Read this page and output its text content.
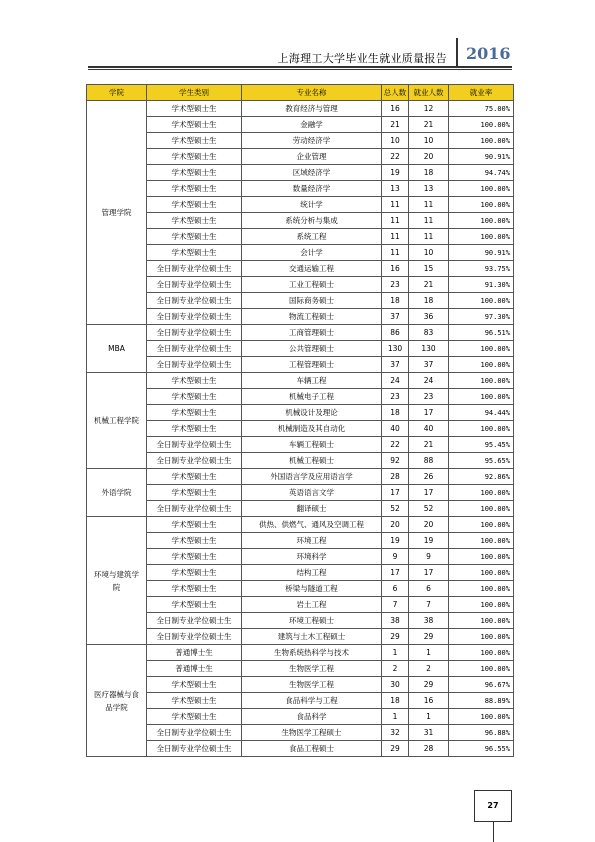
上海理工大学毕业生就业质量报告 2016
学院	学生类别	专业名称	总人数	就业人数	就业率
管理学院	学术型硕士生	教育经济与管理	16	12	75.00%
	学术型硕士生	金融学	21	21	100.00%
	学术型硕士生	劳动经济学	10	10	100.00%
	学术型硕士生	企业管理	22	20	90.91%
	学术型硕士生	区域经济学	19	18	94.74%
	学术型硕士生	数量经济学	13	13	100.00%
	学术型硕士生	统计学	11	11	100.00%
	学术型硕士生	系统分析与集成	11	11	100.00%
	学术型硕士生	系统工程	11	11	100.00%
	学术型硕士生	会计学	11	10	90.91%
	全日制专业学位硕士生	交通运输工程	16	15	93.75%
	全日制专业学位硕士生	工业工程硕士	23	21	91.30%
	全日制专业学位硕士生	国际商务硕士	18	18	100.00%
	全日制专业学位硕士生	物流工程硕士	37	36	97.30%
MBA	全日制专业学位硕士生	工商管理硕士	86	83	96.51%
	全日制专业学位硕士生	公共管理硕士	130	130	100.00%
	全日制专业学位硕士生	工程管理硕士	37	37	100.00%
机械工程学院	学术型硕士生	车辆工程	24	24	100.00%
	学术型硕士生	机械电子工程	23	23	100.00%
	学术型硕士生	机械设计及理论	18	17	94.44%
	学术型硕士生	机械制造及其自动化	40	40	100.00%
	全日制专业学位硕士生	车辆工程硕士	22	21	95.45%
	全日制专业学位硕士生	机械工程硕士	92	88	95.65%
外语学院	学术型硕士生	外国语言学及应用语言学	28	26	92.86%
	学术型硕士生	英语语言文学	17	17	100.00%
	全日制专业学位硕士生	翻译硕士	52	52	100.00%
环境与建筑学院	学术型硕士生	供热、供燃气、通风及空调工程	20	20	100.00%
	学术型硕士生	环境工程	19	19	100.00%
	学术型硕士生	环境科学	9	9	100.00%
	学术型硕士生	结构工程	17	17	100.00%
	学术型硕士生	桥梁与隧道工程	6	6	100.00%
	学术型硕士生	岩土工程	7	7	100.00%
	全日制专业学位硕士生	环境工程硕士	38	38	100.00%
	全日制专业学位硕士生	建筑与土木工程硕士	29	29	100.00%
医疗器械与食品学院	普通博士生	生物系统热科学与技术	1	1	100.00%
	普通博士生	生物医学工程	2	2	100.00%
	学术型硕士生	生物医学工程	30	29	96.67%
	学术型硕士生	食品科学与工程	18	16	88.89%
	学术型硕士生	食品科学	1	1	100.00%
	全日制专业学位硕士生	生物医学工程硕士	32	31	96.88%
	全日制专业学位硕士生	食品工程硕士	29	28	96.55%
27
